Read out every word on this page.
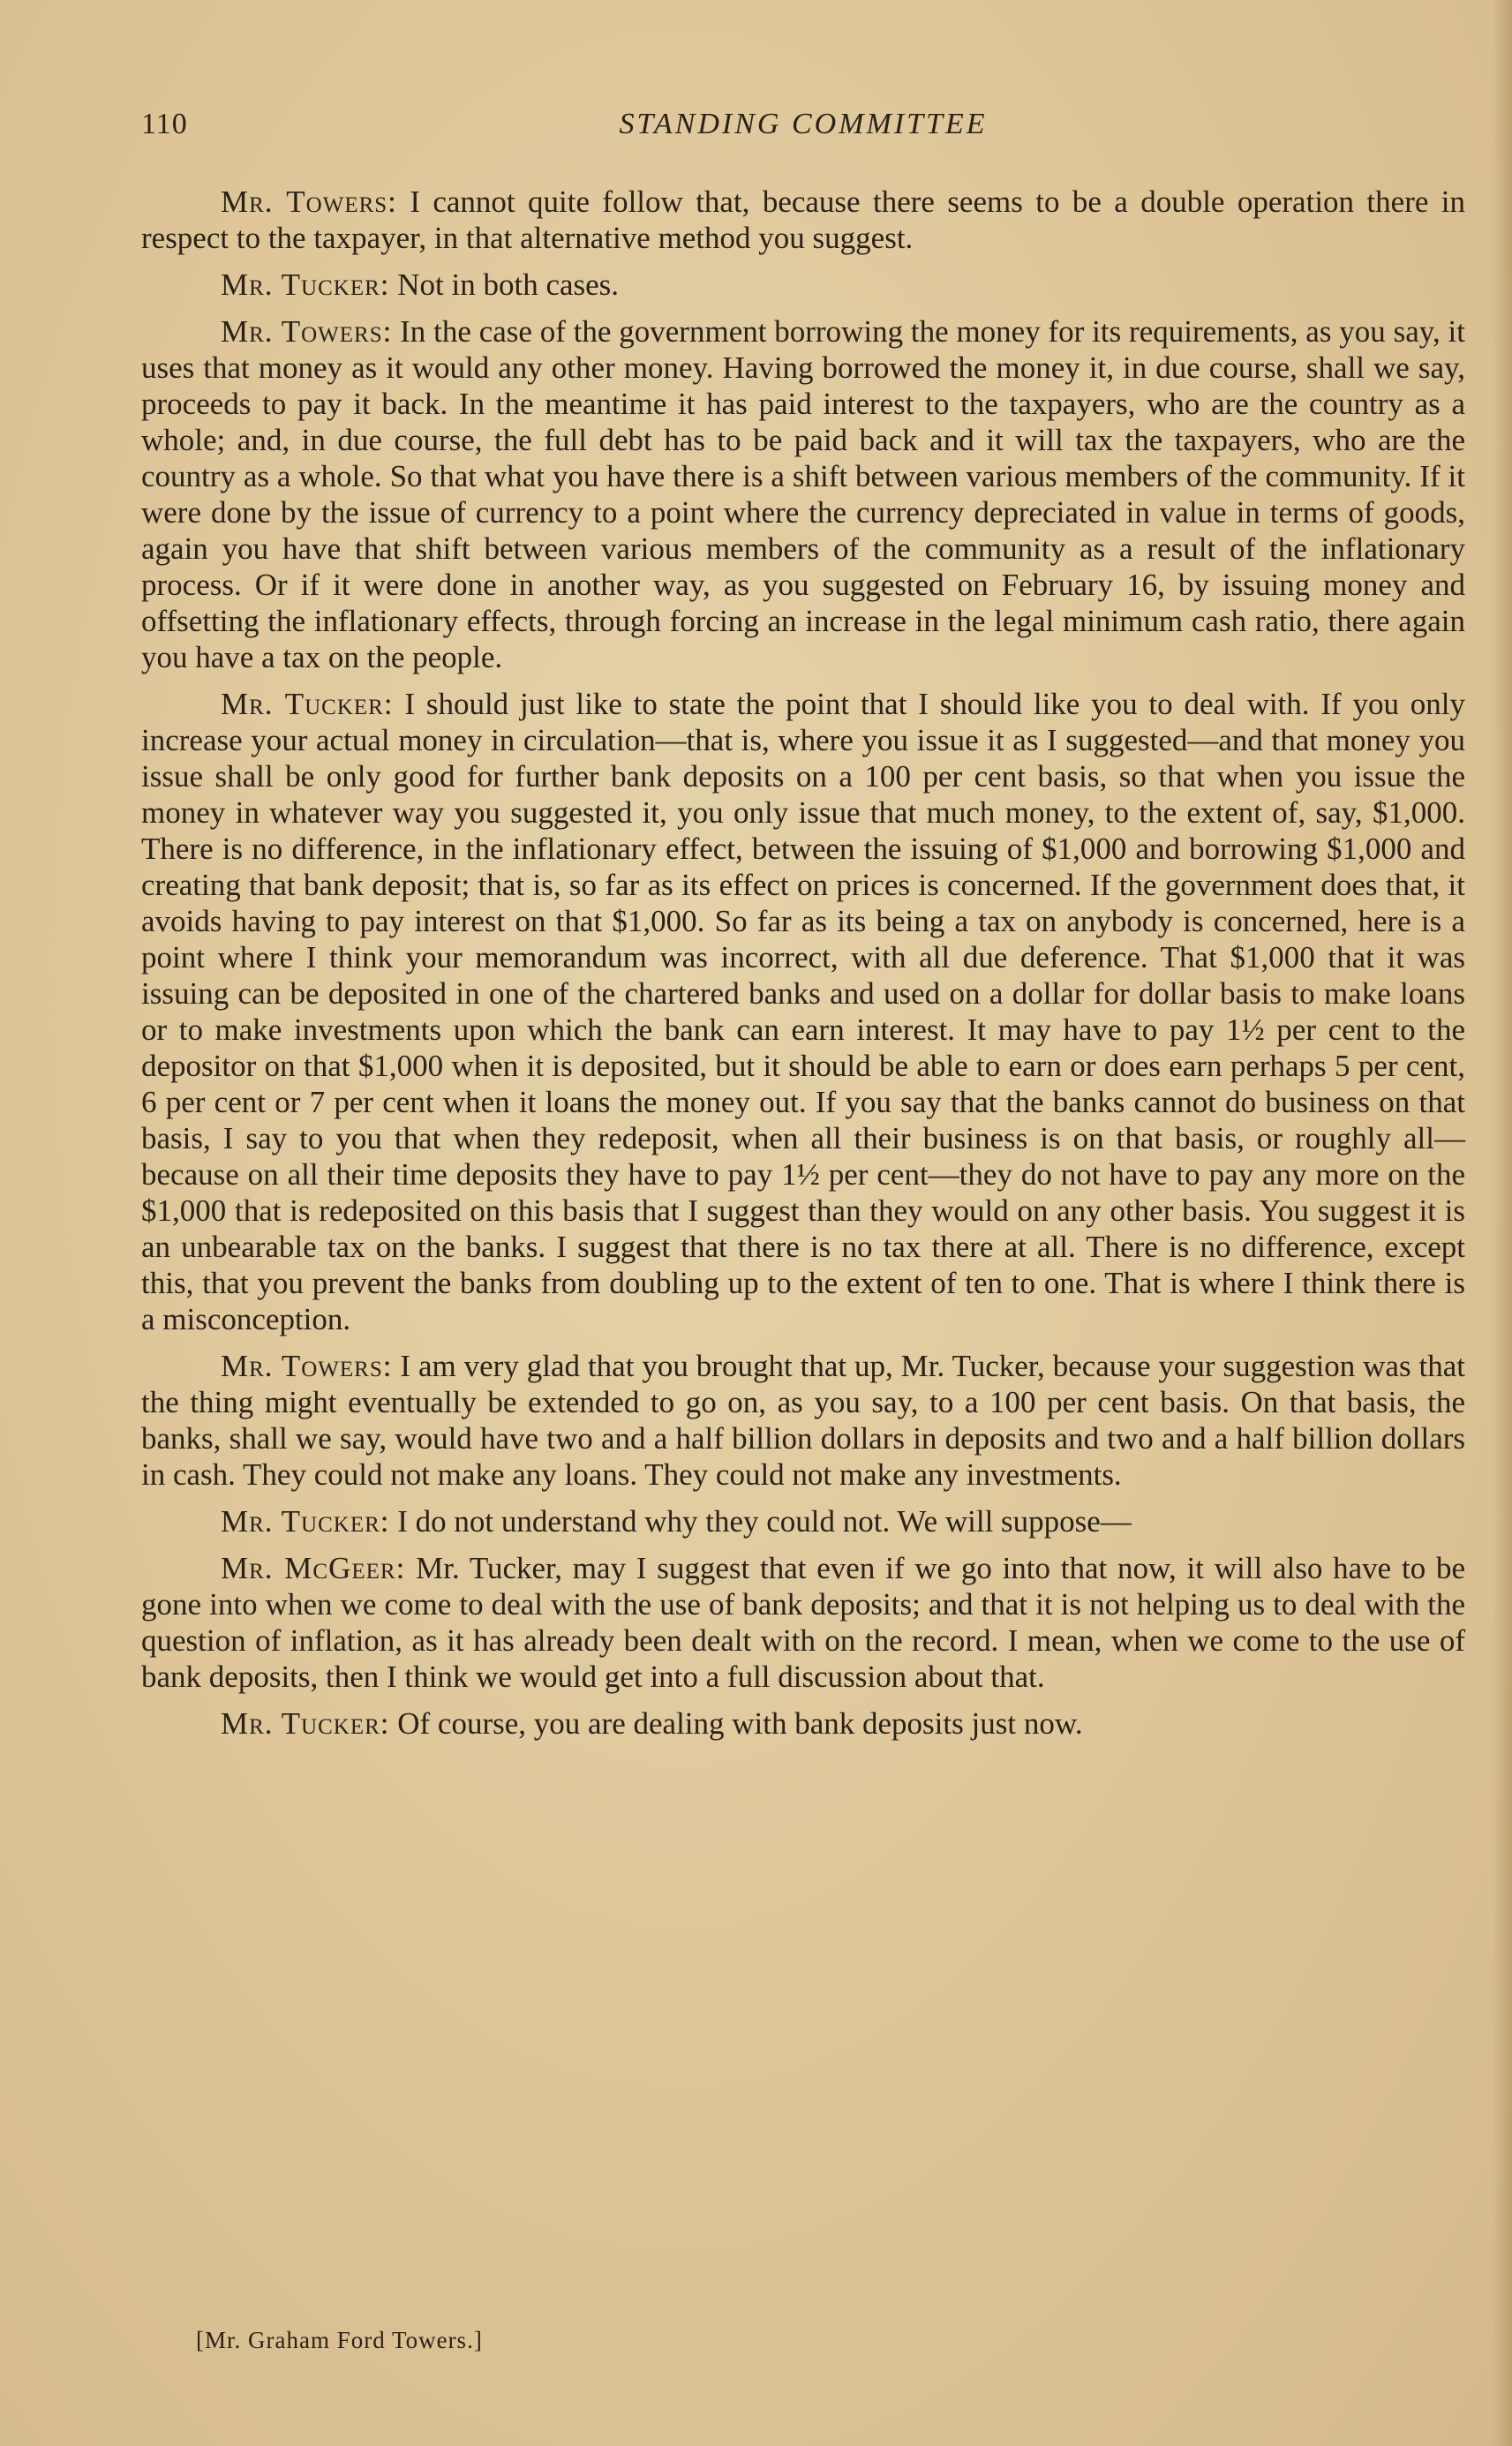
110	STANDING COMMITTEE

Mr. Towers: I cannot quite follow that, because there seems to be a double operation there in respect to the taxpayer, in that alternative method you suggest.

Mr. Tucker: Not in both cases.

Mr. Towers: In the case of the government borrowing the money for its requirements, as you say, it uses that money as it would any other money. Having borrowed the money it, in due course, shall we say, proceeds to pay it back. In the meantime it has paid interest to the taxpayers, who are the country as a whole; and, in due course, the full debt has to be paid back and it will tax the taxpayers, who are the country as a whole. So that what you have there is a shift between various members of the community. If it were done by the issue of currency to a point where the currency depreciated in value in terms of goods, again you have that shift between various members of the community as a result of the inflationary process. Or if it were done in another way, as you suggested on February 16, by issuing money and offsetting the inflationary effects, through forcing an increase in the legal minimum cash ratio, there again you have a tax on the people.

Mr. Tucker: I should just like to state the point that I should like you to deal with. If you only increase your actual money in circulation—that is, where you issue it as I suggested—and that money you issue shall be only good for further bank deposits on a 100 per cent basis, so that when you issue the money in whatever way you suggested it, you only issue that much money, to the extent of, say, $1,000. There is no difference, in the inflationary effect, between the issuing of $1,000 and borrowing $1,000 and creating that bank deposit; that is, so far as its effect on prices is concerned. If the government does that, it avoids having to pay interest on that $1,000. So far as its being a tax on anybody is concerned, here is a point where I think your memorandum was incorrect, with all due deference. That $1,000 that it was issuing can be deposited in one of the chartered banks and used on a dollar for dollar basis to make loans or to make investments upon which the bank can earn interest. It may have to pay 1½ per cent to the depositor on that $1,000 when it is deposited, but it should be able to earn or does earn perhaps 5 per cent, 6 per cent or 7 per cent when it loans the money out. If you say that the banks cannot do business on that basis, I say to you that when they redeposit, when all their business is on that basis, or roughly all—because on all their time deposits they have to pay 1½ per cent—they do not have to pay any more on the $1,000 that is redeposited on this basis that I suggest than they would on any other basis. You suggest it is an unbearable tax on the banks. I suggest that there is no tax there at all. There is no difference, except this, that you prevent the banks from doubling up to the extent of ten to one. That is where I think there is a misconception.

Mr. Towers: I am very glad that you brought that up, Mr. Tucker, because your suggestion was that the thing might eventually be extended to go on, as you say, to a 100 per cent basis. On that basis, the banks, shall we say, would have two and a half billion dollars in deposits and two and a half billion dollars in cash. They could not make any loans. They could not make any investments.

Mr. Tucker: I do not understand why they could not. We will suppose—

Mr. McGeer: Mr. Tucker, may I suggest that even if we go into that now, it will also have to be gone into when we come to deal with the use of bank deposits; and that it is not helping us to deal with the question of inflation, as it has already been dealt with on the record. I mean, when we come to the use of bank deposits, then I think we would get into a full discussion about that.

Mr. Tucker: Of course, you are dealing with bank deposits just now.

[Mr. Graham Ford Towers.]
